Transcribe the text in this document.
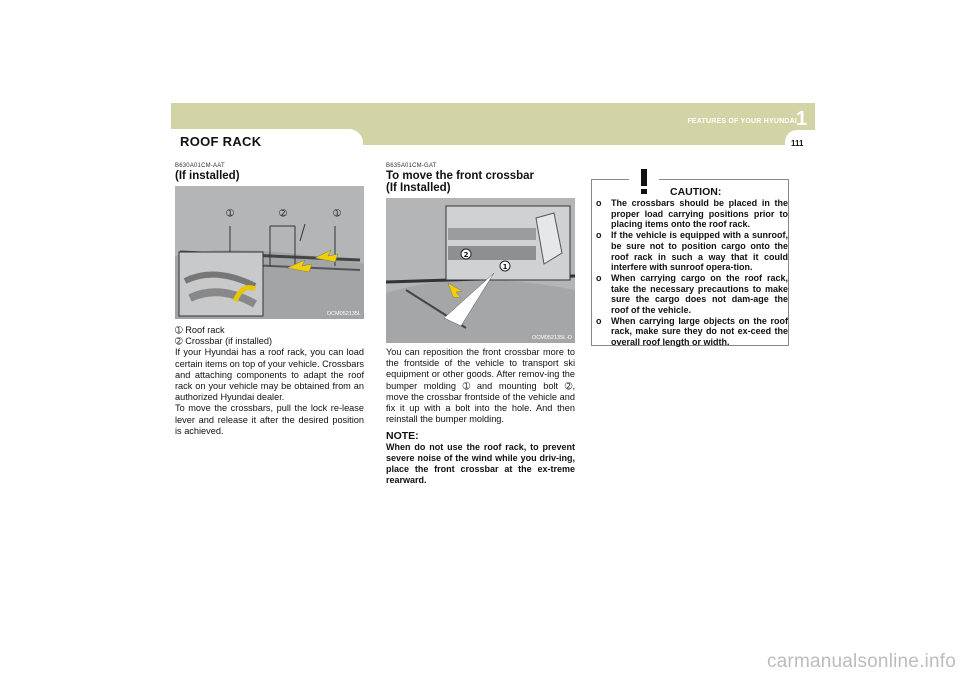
ROOF RACK
FEATURES OF YOUR HYUNDAI 1
111
B630A01CM-AAT
(If installed)
➀	➁	➀
OCM052135L
➀ Roof rack
➁ Crossbar (if installed)
If your Hyundai has a roof rack, you can load certain items on top of your vehicle. Crossbars and attaching components to adapt the roof rack on your vehicle may be obtained from an authorized Hyundai dealer.
To move the crossbars, pull the lock re-lease lever and release it after the desired position is achieved.
B635A01CM-GAT
To move the front crossbar
(If Installed)
2
1
OCM052135L-D
You can reposition the front crossbar more to the frontside of the vehicle to transport ski equipment or other goods. After remov-ing the bumper molding ➀ and mounting bolt ➁, move the crossbar frontside of the vehicle and fix it up with a bolt into the hole. And then reinstall the bumper molding.
NOTE:
When do not use the roof rack, to prevent severe noise of the wind while you driv-ing, place the front crossbar at the ex-treme rearward.
CAUTION:
o The crossbars should be placed in the proper load carrying positions prior to placing items onto the roof rack.
o If the vehicle is equipped with a sunroof, be sure not to position cargo onto the roof rack in such a way that it could interfere with sunroof opera-tion.
o When carrying cargo on the roof rack, take the necessary precautions to make sure the cargo does not dam-age the roof of the vehicle.
o When carrying large objects on the roof rack, make sure they do not ex-ceed the overall roof length or width.
carmanualsonline.info
